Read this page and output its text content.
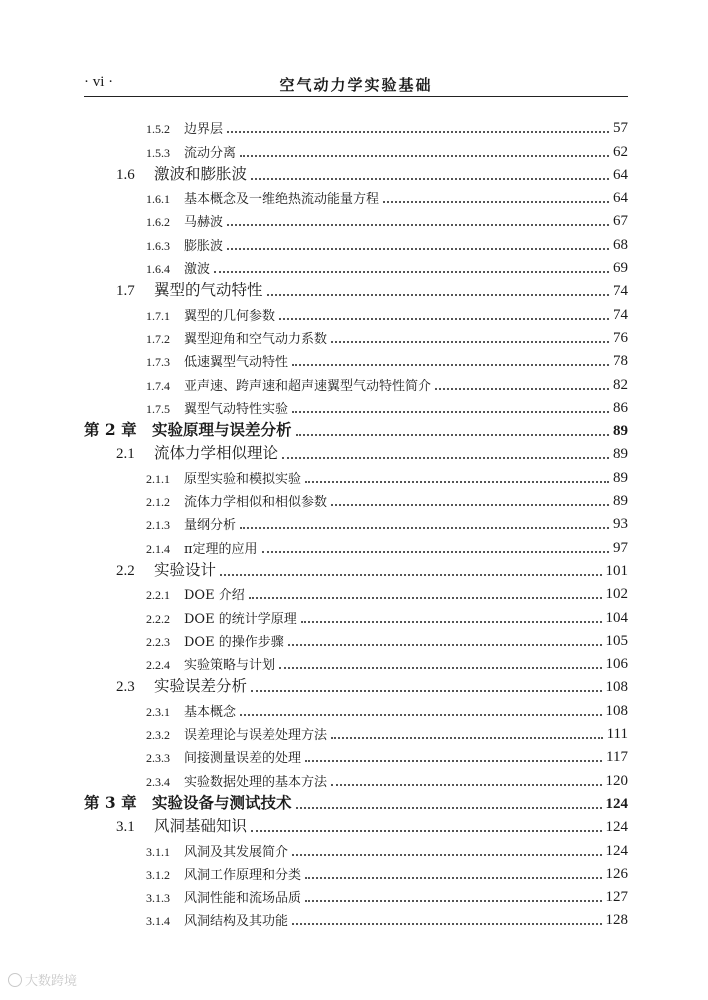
· vi ·	空气动力学实验基础
1.5.2	边界层	57
1.5.3	流动分离	62
1.6	激波和膨胀波	64
1.6.1	基本概念及一维绝热流动能量方程	64
1.6.2	马赫波	67
1.6.3	膨胀波	68
1.6.4	激波	69
1.7	翼型的气动特性	74
1.7.1	翼型的几何参数	74
1.7.2	翼型迎角和空气动力系数	76
1.7.3	低速翼型气动特性	78
1.7.4	亚声速、跨声速和超声速翼型气动特性简介	82
1.7.5	翼型气动特性实验	86
第 2 章 实验原理与误差分析	89
2.1	流体力学相似理论	89
2.1.1	原型实验和模拟实验	89
2.1.2	流体力学相似和相似参数	89
2.1.3	量纲分析	93
2.1.4	π定理的应用	97
2.2	实验设计	101
2.2.1	DOE 介绍	102
2.2.2	DOE 的统计学原理	104
2.2.3	DOE 的操作步骤	105
2.2.4	实验策略与计划	106
2.3	实验误差分析	108
2.3.1	基本概念	108
2.3.2	误差理论与误差处理方法	111
2.3.3	间接测量误差的处理	117
2.3.4	实验数据处理的基本方法	120
第 3 章 实验设备与测试技术	124
3.1	风洞基础知识	124
3.1.1	风洞及其发展简介	124
3.1.2	风洞工作原理和分类	126
3.1.3	风洞性能和流场品质	127
3.1.4	风洞结构及其功能	128
大数跨境
